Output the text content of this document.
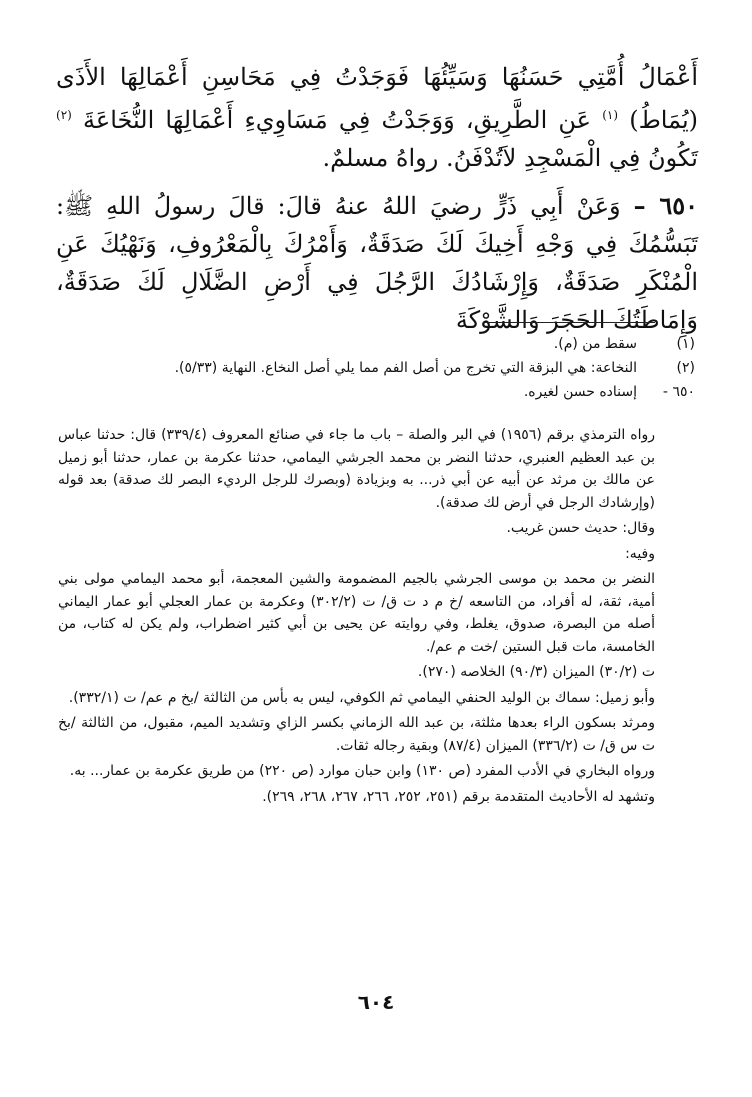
أَعْمَالُ أُمَّتِي حَسَنُهَا وَسَيِّئُهَا فَوَجَدْتُ فِي مَحَاسِنِ أَعْمَالِهَا الأَذَى (يُمَاطُ) $^{(١)}$ عَنِ الطَّرِيقِ، وَوَجَدْتُ فِي مَسَاوِيءِ أَعْمَالِهَا النُّخَاعَةَ $^{(٢)}$ تَكُونُ فِي الْمَسْجِدِ لاَتُدْفَنُ. رواهُ مسلمٌ.

٦٥٠ – وَعَنْ أَبِي ذَرٍّ رضيَ اللهُ عنهُ قالَ: قالَ رسولُ اللهِ ﷺ: تَبَسُّمُكَ فِي وَجْهِ أَخِيكَ لَكَ صَدَقَةٌ، وَأَمْرُكَ بِالْمَعْرُوفِ، وَنَهْيُكَ عَنِ الْمُنْكَرِ صَدَقَةٌ، وَإِرْشَادُكَ الرَّجُلَ فِي أَرْضِ الضَّلَالِ لَكَ صَدَقَةٌ، وَإِمَاطَتُكَ الحَجَرَ وَالشَّوْكَةَ

(١)
سقط من (م).
(٢)
النخاعة: هي البزقة التي تخرج من أصل الفم مما يلي أصل النخاع. النهاية (٥/٣٣).
٦٥٠ -
إسناده حسن لغيره.

رواه الترمذي برقم (١٩٥٦) في البر والصلة – باب ما جاء في صنائع المعروف (٣٣٩/٤) قال: حدثنا عباس بن عبد العظيم العنبري، حدثنا النضر بن محمد الجرشي اليمامي، حدثنا عكرمة بن عمار، حدثنا أبو زميل عن مالك بن مرثد عن أبيه عن أبي ذر... به وبزيادة (وبصرك للرجل الرديء البصر لك صدقة) بعد قوله (وإرشادك الرجل في أرض لك صدقة).

وقال: حديث حسن غريب.

وفيه:

النضر بن محمد بن موسى الجرشي بالجيم المضمومة والشين المعجمة، أبو محمد اليمامي مولى بني أمية، ثقة، له أفراد، من التاسعه /خ م د ت ق/ ت (٣٠٢/٢) وعكرمة بن عمار العجلي أبو عمار اليماني أصله من البصرة، صدوق، يغلط، وفي روايته عن يحيى بن أبي كثير اضطراب، ولم يكن له كتاب، من الخامسة، مات قبل الستين /خت م عم/.

ت (٣٠/٢) الميزان (٩٠/٣) الخلاصه (٢٧٠).

وأبو زميل: سماك بن الوليد الحنفي اليمامي ثم الكوفي، ليس به بأس من الثالثة /بخ م عم/ ت (٣٣٢/١).

ومرثد بسكون الراء بعدها مثلثة، بن عبد الله الزماني بكسر الزاي وتشديد الميم، مقبول، من الثالثة /بخ ت س ق/ ت (٣٣٦/٢) الميزان (٨٧/٤) وبقية رجاله ثقات.

ورواه البخاري في الأدب المفرد (ص ١٣٠) وابن حبان موارد (ص ٢٢٠) من طريق عكرمة بن عمار... به.

وتشهد له الأحاديث المتقدمة برقم (٢٥١، ٢٥٢، ٢٦٦، ٢٦٧، ٢٦٨، ٢٦٩).

٦٠٤
